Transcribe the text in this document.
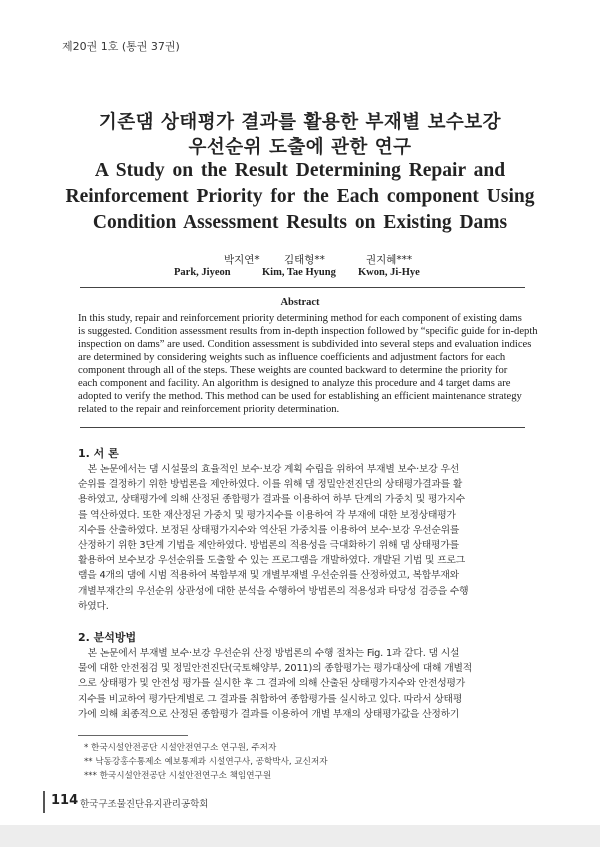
제20권 1호 (통권 37권)
기존댐 상태평가 결과를 활용한 부재별 보수보강
우선순위 도출에 관한 연구
A Study on the Result Determining Repair and
Reinforcement Priority for the Each component Using
Condition Assessment Results on Existing Dams
박지연* 김태형**	권지혜***
Park, Jiyeon	Kim, Tae Hyung Kwon, Ji-Hye
Abstract
In this study, repair and reinforcement priority determining method for each component of existing dams
is suggested. Condition assessment results from in-depth inspection followed by “specific guide for in-depth
inspection on dams” are used. Condition assessment is subdivided into several steps and evaluation indices
are determined by considering weights such as influence coefficients and adjustment factors for each
component through all of the steps. These weights are counted backward to determine the priority for
each component and facility. An algorithm is designed to analyze this procedure and 4 target dams are
adopted to verify the method. This method can be used for establishing an efficient maintenance strategy
related to the repair and reinforcement priority determination.
1. 서 론
　본 논문에서는 댐 시설물의 효율적인 보수·보강 계획 수립을 위하여 부재별 보수·보강 우선
순위를 결정하기 위한 방법론을 제안하였다. 이를 위해 댐 정밀안전진단의 상태평가결과를 활
용하였고, 상태평가에 의해 산정된 종합평가 결과를 이용하여 하부 단계의 가중치 및 평가지수
를 역산하였다. 또한 재산정된 가중치 및 평가지수를 이용하여 각 부재에 대한 보정상태평가
지수를 산출하였다. 보정된 상태평가지수와 역산된 가중치를 이용하여 보수·보강 우선순위를
산정하기 위한 3단계 기법을 제안하였다. 방법론의 적용성을 극대화하기 위해 댐 상태평가를
활용하여 보수보강 우선순위를 도출할 수 있는 프로그램을 개발하였다. 개발된 기법 및 프로그
램을 4개의 댐에 시범 적용하여 복합부재 및 개별부재별 우선순위를 산정하였고, 복합부재와
개별부재간의 우선순위 상관성에 대한 분석을 수행하여 방법론의 적용성과 타당성 검증을 수행
하였다.
2. 분석방법
　본 논문에서 부재별 보수·보강 우선순위 산정 방법론의 수행 절차는 Fig. 1과 같다. 댐 시설
물에 대한 안전점검 및 정밀안전진단(국토해양부, 2011)의 종합평가는 평가대상에 대해 개별적
으로 상태평가 및 안전성 평가를 실시한 후 그 결과에 의해 산출된 상태평가지수와 안전성평가
지수를 비교하여 평가단계별로 그 결과를 취합하여 종합평가를 실시하고 있다. 따라서 상태평
가에 의해 최종적으로 산정된 종합평가 결과를 이용하여 개별 부재의 상태평가값을 산정하기
* 한국시설안전공단 시설안전연구소 연구원, 주저자
** 낙동강홍수통제소 예보통제과 시설연구사, 공학박사, 교신저자
*** 한국시설안전공단 시설안전연구소 책임연구원
114 한국구조물진단유지관리공학회
